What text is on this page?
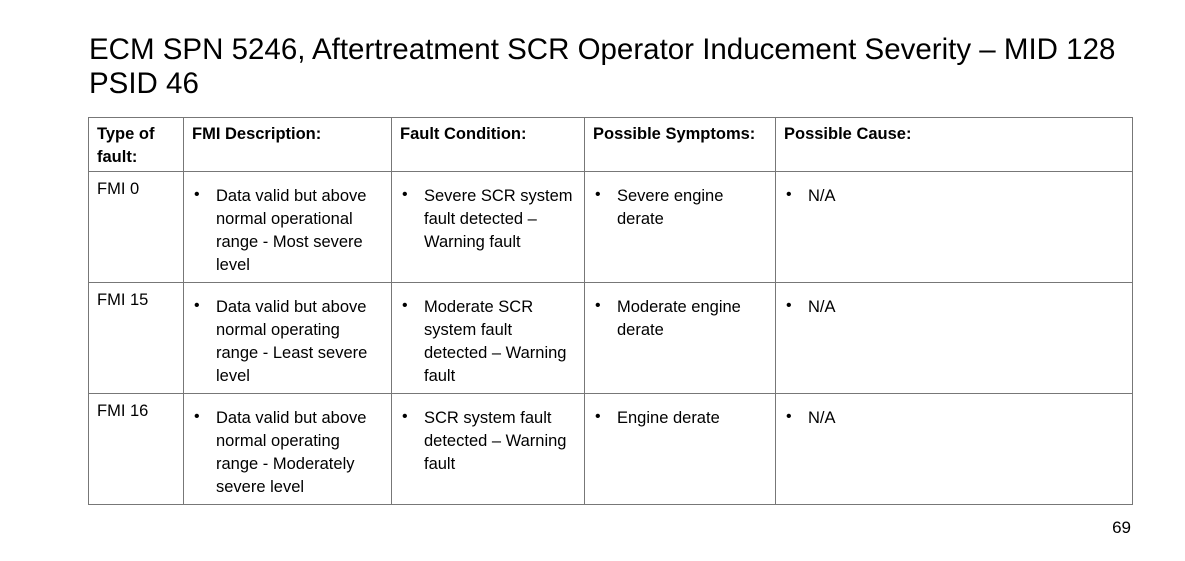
ECM SPN 5246, Aftertreatment SCR Operator Inducement Severity – MID 128 PSID 46
Type of fault:	FMI Description:	Fault Condition:	Possible Symptoms:	Possible Cause:
FMI 0	• Data valid but above normal operational range - Most severe level	• Severe SCR system fault detected – Warning fault	• Severe engine derate	• N/A
FMI 15	• Data valid but above normal operating range - Least severe level	• Moderate SCR system fault detected – Warning fault	• Moderate engine derate	• N/A
FMI 16	• Data valid but above normal operating range - Moderately severe level	• SCR system fault detected – Warning fault	• Engine derate	• N/A
69
